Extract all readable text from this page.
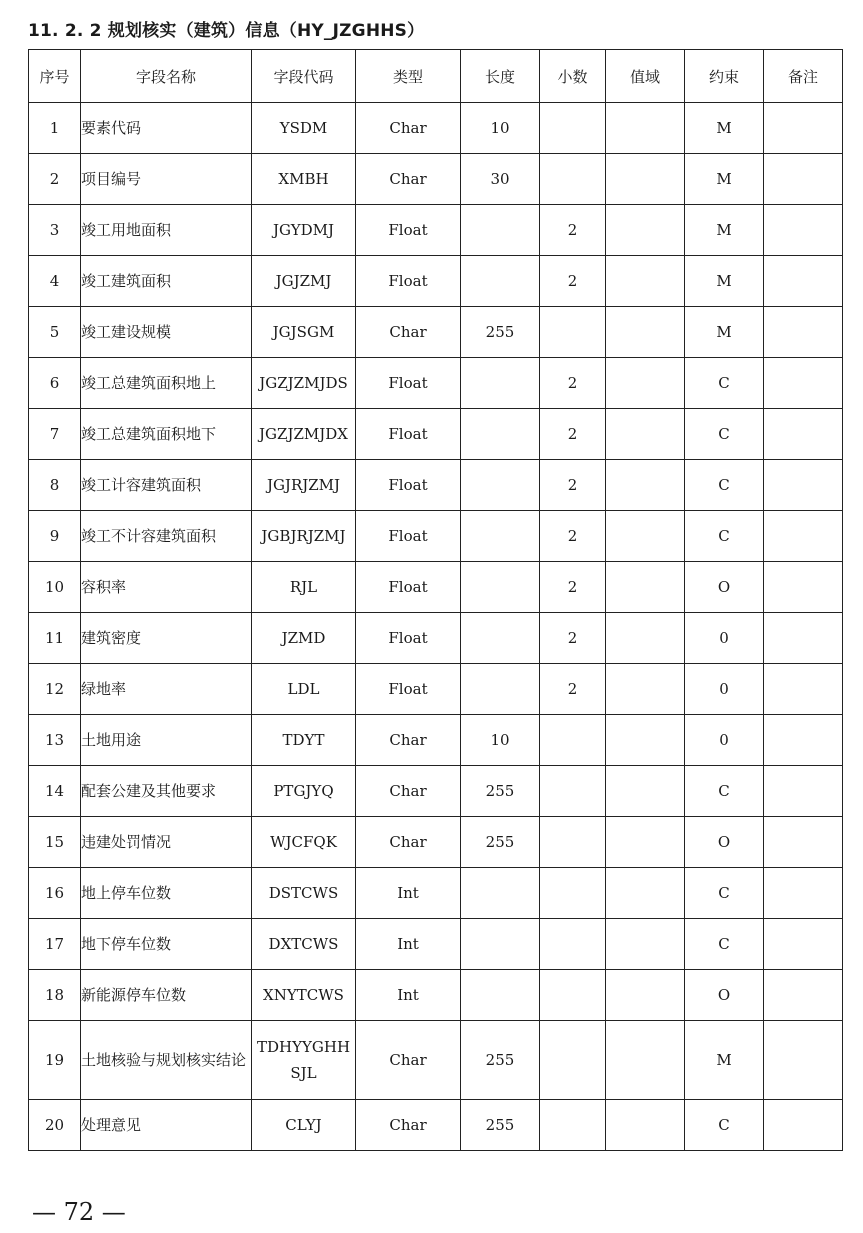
11. 2. 2 规划核实（建筑）信息（HY_JZGHHS）
序号	字段名称	字段代码	类型	长度	小数	值域	约束	备注
1	要素代码	YSDM	Char	10			M	
2	项目编号	XMBH	Char	30			M	
3	竣工用地面积	JGYDMJ	Float		2		M	
4	竣工建筑面积	JGJZMJ	Float		2		M	
5	竣工建设规模	JGJSGM	Char	255			M	
6	竣工总建筑面积地上	JGZJZMJDS	Float		2		C	
7	竣工总建筑面积地下	JGZJZMJDX	Float		2		C	
8	竣工计容建筑面积	JGJRJZMJ	Float		2		C	
9	竣工不计容建筑面积	JGBJRJZMJ	Float		2		C	
10	容积率	RJL	Float		2		O	
11	建筑密度	JZMD	Float		2		0	
12	绿地率	LDL	Float		2		0	
13	土地用途	TDYT	Char	10			0	
14	配套公建及其他要求	PTGJYQ	Char	255			C	
15	违建处罚情况	WJCFQK	Char	255			O	
16	地上停车位数	DSTCWS	Int				C	
17	地下停车位数	DXTCWS	Int				C	
18	新能源停车位数	XNYTCWS	Int				O	
19	土地核验与规划核实结论	TDHYYGHHSJL	Char	255			M	
20	处理意见	CLYJ	Char	255			C	
— 72 —
